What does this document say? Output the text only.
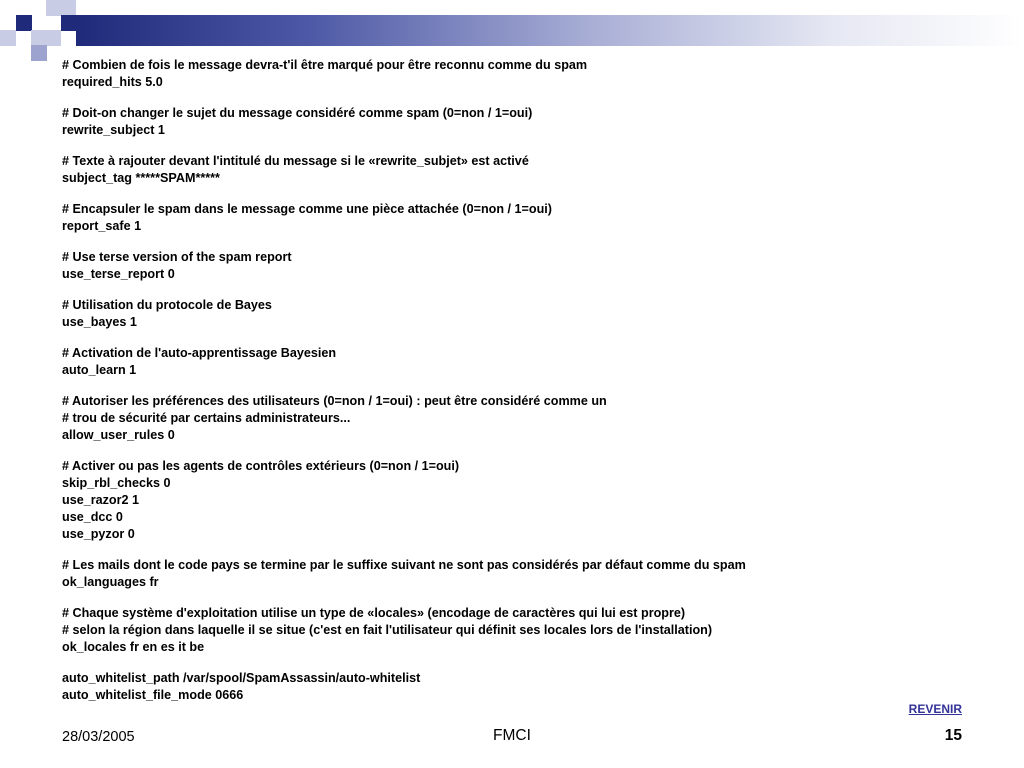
# Combien de fois le message devra-t'il être marqué pour être reconnu comme du spam
required_hits 5.0
# Doit-on changer le sujet du message considéré comme spam (0=non / 1=oui)
rewrite_subject 1
# Texte à rajouter devant l'intitulé du message si le «rewrite_subjet» est activé
subject_tag *****SPAM*****
# Encapsuler le spam dans le message comme une pièce attachée (0=non / 1=oui)
report_safe 1
# Use terse version of the spam report
use_terse_report 0
# Utilisation du protocole de Bayes
use_bayes 1
# Activation de l'auto-apprentissage Bayesien
auto_learn 1
# Autoriser les préférences des utilisateurs (0=non / 1=oui) : peut être considéré comme un
# trou de sécurité par certains administrateurs...
allow_user_rules 0
# Activer ou pas les agents de contrôles extérieurs (0=non / 1=oui)
skip_rbl_checks 0
use_razor2 1
use_dcc 0
use_pyzor 0
# Les mails dont le code pays se termine par le suffixe suivant ne sont pas considérés par défaut comme du spam
ok_languages fr
# Chaque système d'exploitation utilise un type de «locales» (encodage de caractères qui lui est propre)
# selon la région dans laquelle il se situe (c'est en fait l'utilisateur qui définit ses locales lors de l'installation)
ok_locales fr en es it be
auto_whitelist_path /var/spool/SpamAssassin/auto-whitelist
auto_whitelist_file_mode 0666
REVENIR
28/03/2005	FMCI	15
